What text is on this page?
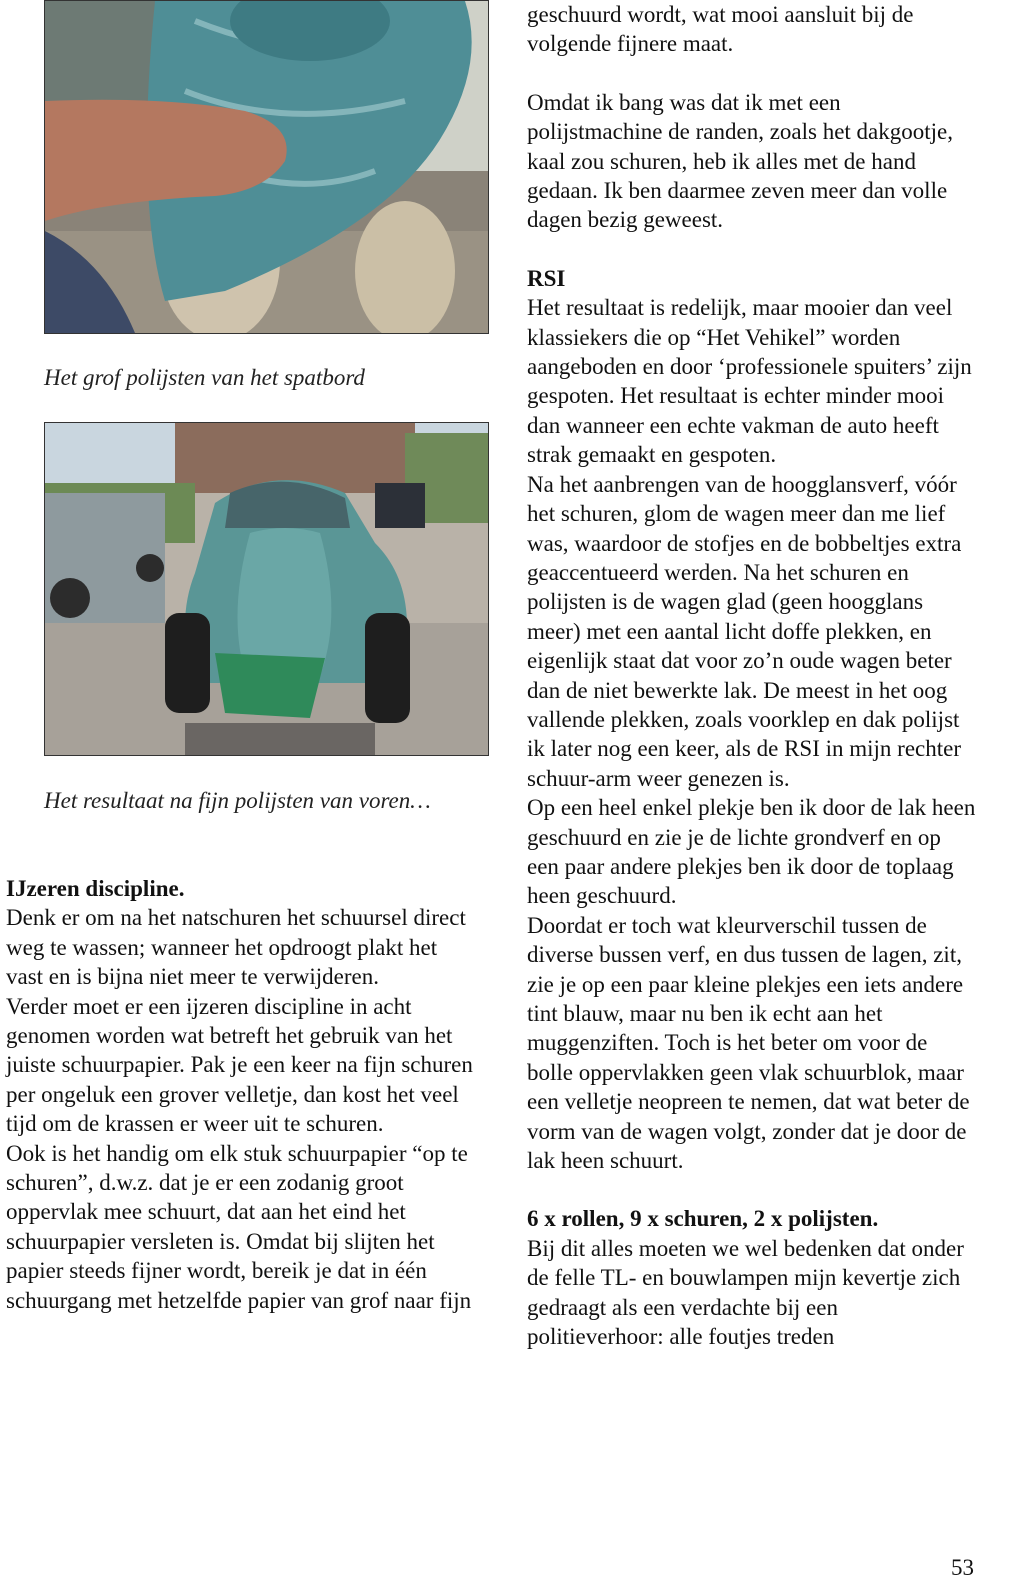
Het grof polijsten van het spatbord
Het resultaat na fijn polijsten van voren…

IJzeren discipline.

Denk er om na het natschuren het schuursel direct weg te wassen; wanneer het opdroogt plakt het vast en is bijna niet meer te verwijderen.

Verder moet er een ijzeren discipline in acht genomen worden wat betreft het gebruik van het juiste schuurpapier. Pak je een keer na fijn schuren per ongeluk een grover velletje, dan kost het veel tijd om de krassen er weer uit te schuren.

Ook is het handig om elk stuk schuurpapier “op te schuren”, d.w.z. dat je er een zodanig groot oppervlak mee schuurt, dat aan het eind het schuurpapier versleten is. Omdat bij slijten het papier steeds fijner wordt, bereik je dat in één schuurgang met hetzelfde papier van grof naar fijn

geschuurd wordt, wat mooi aansluit bij de volgende fijnere maat.

Omdat ik bang was dat ik met een polijstmachine de randen, zoals het dakgootje, kaal zou schuren, heb ik alles met de hand gedaan. Ik ben daarmee zeven meer dan volle dagen bezig geweest.

RSI

Het resultaat is redelijk, maar mooier dan veel klassiekers die op “Het Vehikel” worden aangeboden en door ‘professionele spuiters’ zijn gespoten. Het resultaat is echter minder mooi dan wanneer een echte vakman de auto heeft strak gemaakt en gespoten.

Na het aanbrengen van de hoogglansverf, vóór het schuren, glom de wagen meer dan me lief was, waardoor de stofjes en de bobbeltjes extra geaccentueerd werden. Na het schuren en polijsten is de wagen glad (geen hoogglans meer) met een aantal licht doffe plekken, en eigenlijk staat dat voor zo’n oude wagen beter dan de niet bewerkte lak. De meest in het oog vallende plekken, zoals voorklep en dak polijst ik later nog een keer, als de RSI in mijn rechter schuur-arm weer genezen is.

Op een heel enkel plekje ben ik door de lak heen geschuurd en zie je de lichte grondverf en op een paar andere plekjes ben ik door de toplaag heen geschuurd.

Doordat er toch wat kleurverschil tussen de diverse bussen verf, en dus tussen de lagen, zit, zie je op een paar kleine plekjes een iets andere tint blauw, maar nu ben ik echt aan het muggenziften. Toch is het beter om voor de bolle oppervlakken geen vlak schuurblok, maar een velletje neopreen te nemen, dat wat beter de vorm van de wagen volgt, zonder dat je door de lak heen schuurt.

6 x rollen, 9 x schuren, 2 x polijsten.

Bij dit alles moeten we wel bedenken dat onder de felle TL- en bouwlampen mijn kevertje zich gedraagt als een verdachte bij een politieverhoor: alle foutjes treden

53
